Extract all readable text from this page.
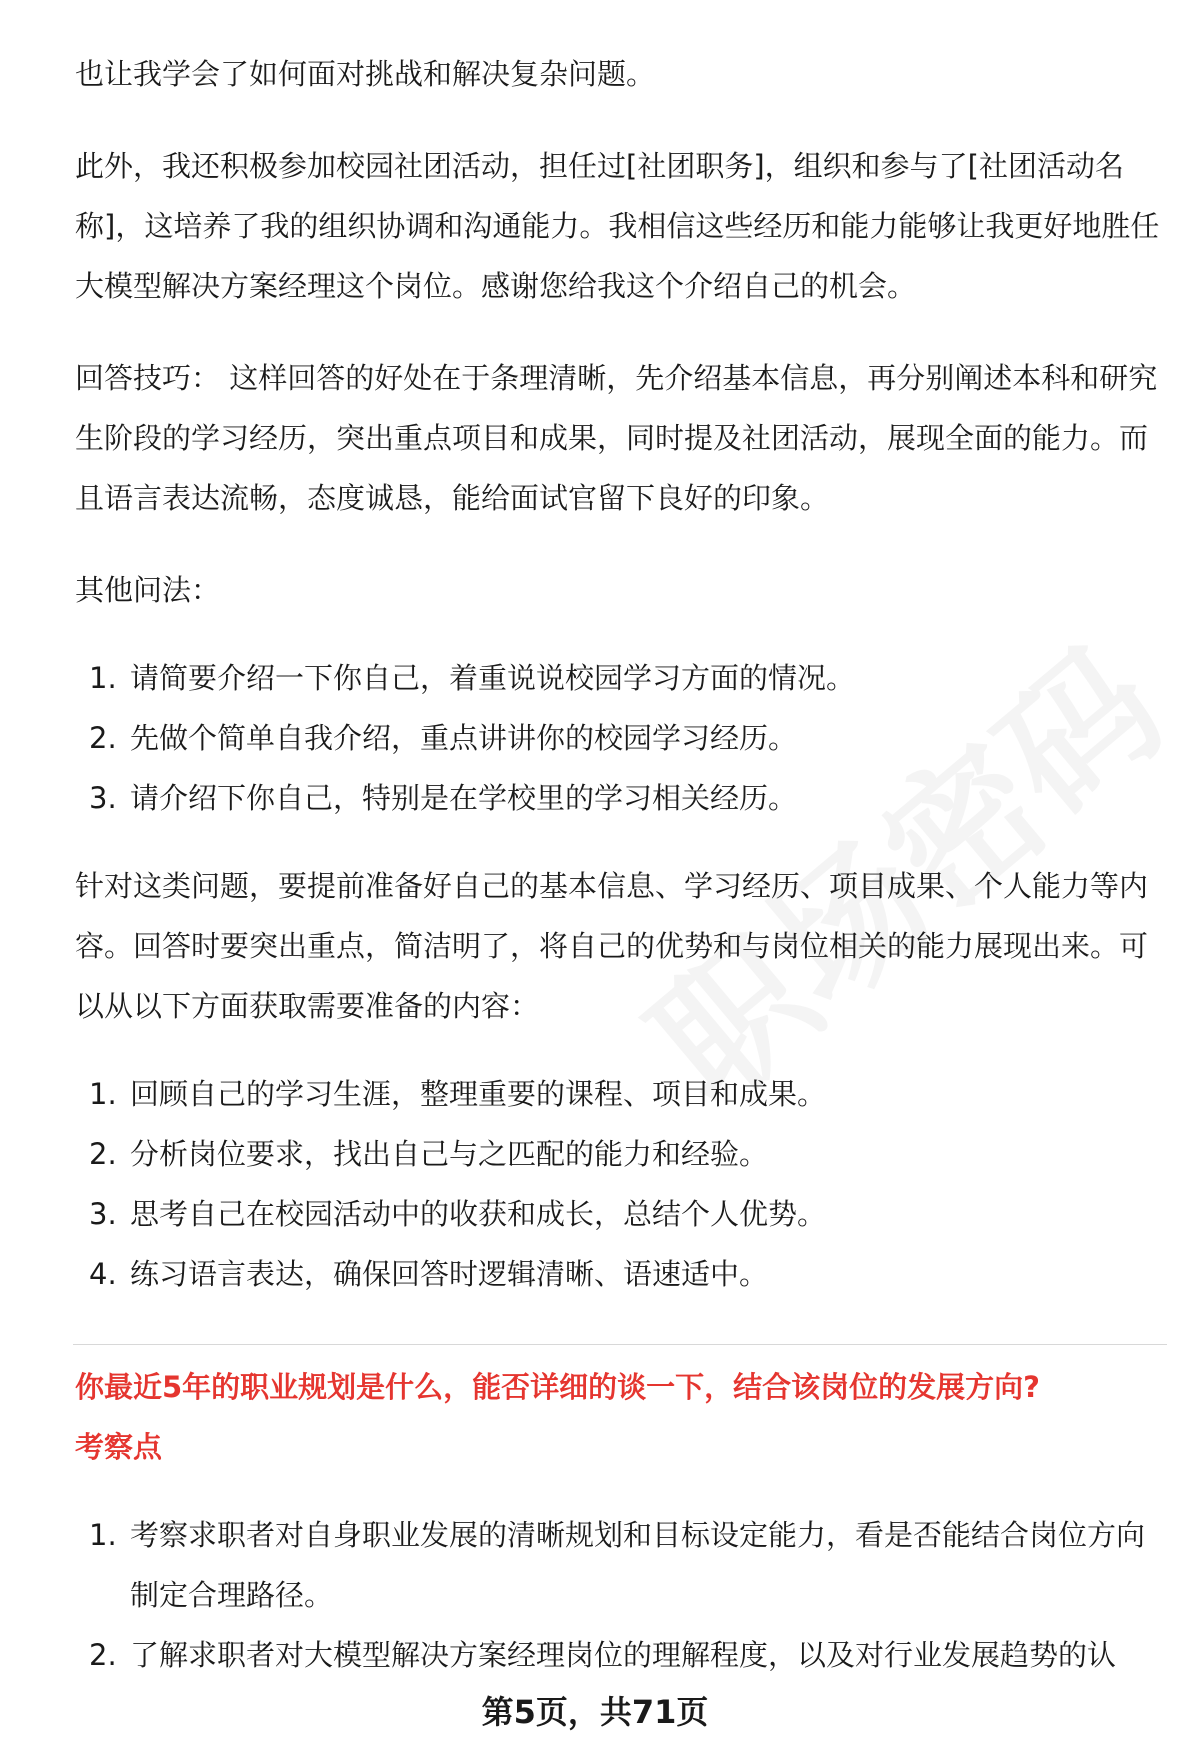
也让我学会了如何面对挑战和解决复杂问题。

此外，我还积极参加校园社团活动，担任过[社团职务]，组织和参与了[社团活动名称]，这培养了我的组织协调和沟通能力。我相信这些经历和能力能够让我更好地胜任大模型解决方案经理这个岗位。感谢您给我这个介绍自己的机会。

回答技巧： 这样回答的好处在于条理清晰，先介绍基本信息，再分别阐述本科和研究生阶段的学习经历，突出重点项目和成果，同时提及社团活动，展现全面的能力。而且语言表达流畅，态度诚恳，能给面试官留下良好的印象。

其他问法：

1. 请简要介绍一下你自己，着重说说校园学习方面的情况。
2. 先做个简单自我介绍，重点讲讲你的校园学习经历。
3. 请介绍下你自己，特别是在学校里的学习相关经历。

针对这类问题，要提前准备好自己的基本信息、学习经历、项目成果、个人能力等内容。回答时要突出重点，简洁明了，将自己的优势和与岗位相关的能力展现出来。可以从以下方面获取需要准备的内容：

1. 回顾自己的学习生涯，整理重要的课程、项目和成果。
2. 分析岗位要求，找出自己与之匹配的能力和经验。
3. 思考自己在校园活动中的收获和成长，总结个人优势。
4. 练习语言表达，确保回答时逻辑清晰、语速适中。

你最近5年的职业规划是什么，能否详细的谈一下，结合该岗位的发展方向?

考察点

1. 考察求职者对自身职业发展的清晰规划和目标设定能力，看是否能结合岗位方向制定合理路径。
2. 了解求职者对大模型解决方案经理岗位的理解程度，以及对行业发展趋势的认
第5页，共71页
